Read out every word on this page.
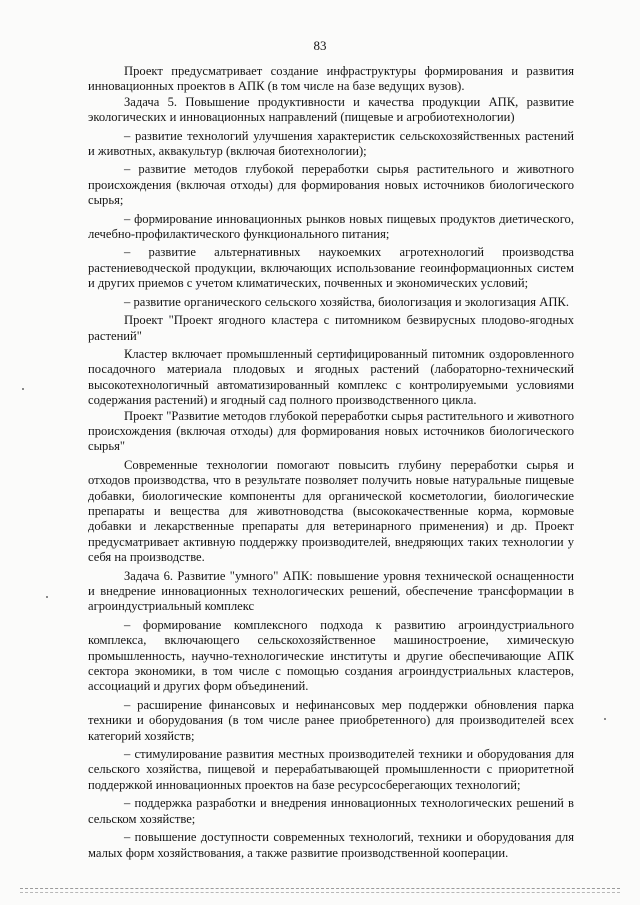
83

Проект предусматривает создание инфраструктуры формирования и развития инновационных проектов в АПК (в том числе на базе ведущих вузов).

Задача 5. Повышение продуктивности и качества продукции АПК, развитие экологических и инновационных направлений (пищевые и агробиотехнологии)

– развитие технологий улучшения характеристик сельскохозяйственных растений и животных, аквакультур (включая биотехнологии);

– развитие методов глубокой переработки сырья растительного и животного происхождения (включая отходы) для формирования новых источников биологического сырья;

– формирование инновационных рынков новых пищевых продуктов диетического, лечебно-профилактического функционального питания;

– развитие альтернативных наукоемких агротехнологий производства растениеводческой продукции, включающих использование геоинформационных систем и других приемов с учетом климатических, почвенных и экономических условий;

– развитие органического сельского хозяйства, биологизация и экологизация АПК.

Проект "Проект ягодного кластера с питомником безвирусных плодово-ягодных растений"

Кластер включает промышленный сертифицированный питомник оздоровленного посадочного материала плодовых и ягодных растений (лабораторно-технический высокотехнологичный автоматизированный комплекс с контролируемыми условиями содержания растений) и ягодный сад полного производственного цикла.

Проект "Развитие методов глубокой переработки сырья растительного и животного происхождения (включая отходы) для формирования новых источников биологического сырья"

Современные технологии помогают повысить глубину переработки сырья и отходов производства, что в результате позволяет получить новые натуральные пищевые добавки, биологические компоненты для органической косметологии, биологические препараты и вещества для животноводства (высококачественные корма, кормовые добавки и лекарственные препараты для ветеринарного применения) и др. Проект предусматривает активную поддержку производителей, внедряющих таких технологии у себя на производстве.

Задача 6. Развитие "умного" АПК: повышение уровня технической оснащенности и внедрение инновационных технологических решений, обеспечение трансформации в агроиндустриальный комплекс

– формирование комплексного подхода к развитию агроиндустриального комплекса, включающего сельскохозяйственное машиностроение, химическую промышленность, научно-технологические институты и другие обеспечивающие АПК сектора экономики, в том числе с помощью создания агроиндустриальных кластеров, ассоциаций и других форм объединений.

– расширение финансовых и нефинансовых мер поддержки обновления парка техники и оборудования (в том числе ранее приобретенного) для производителей всех категорий хозяйств;

– стимулирование развития местных производителей техники и оборудования для сельского хозяйства, пищевой и перерабатывающей промышленности с приоритетной поддержкой инновационных проектов на базе ресурсосберегающих технологий;

– поддержка разработки и внедрения инновационных технологических решений в сельском хозяйстве;

– повышение доступности современных технологий, техники и оборудования для малых форм хозяйствования, а также развитие производственной кооперации.
